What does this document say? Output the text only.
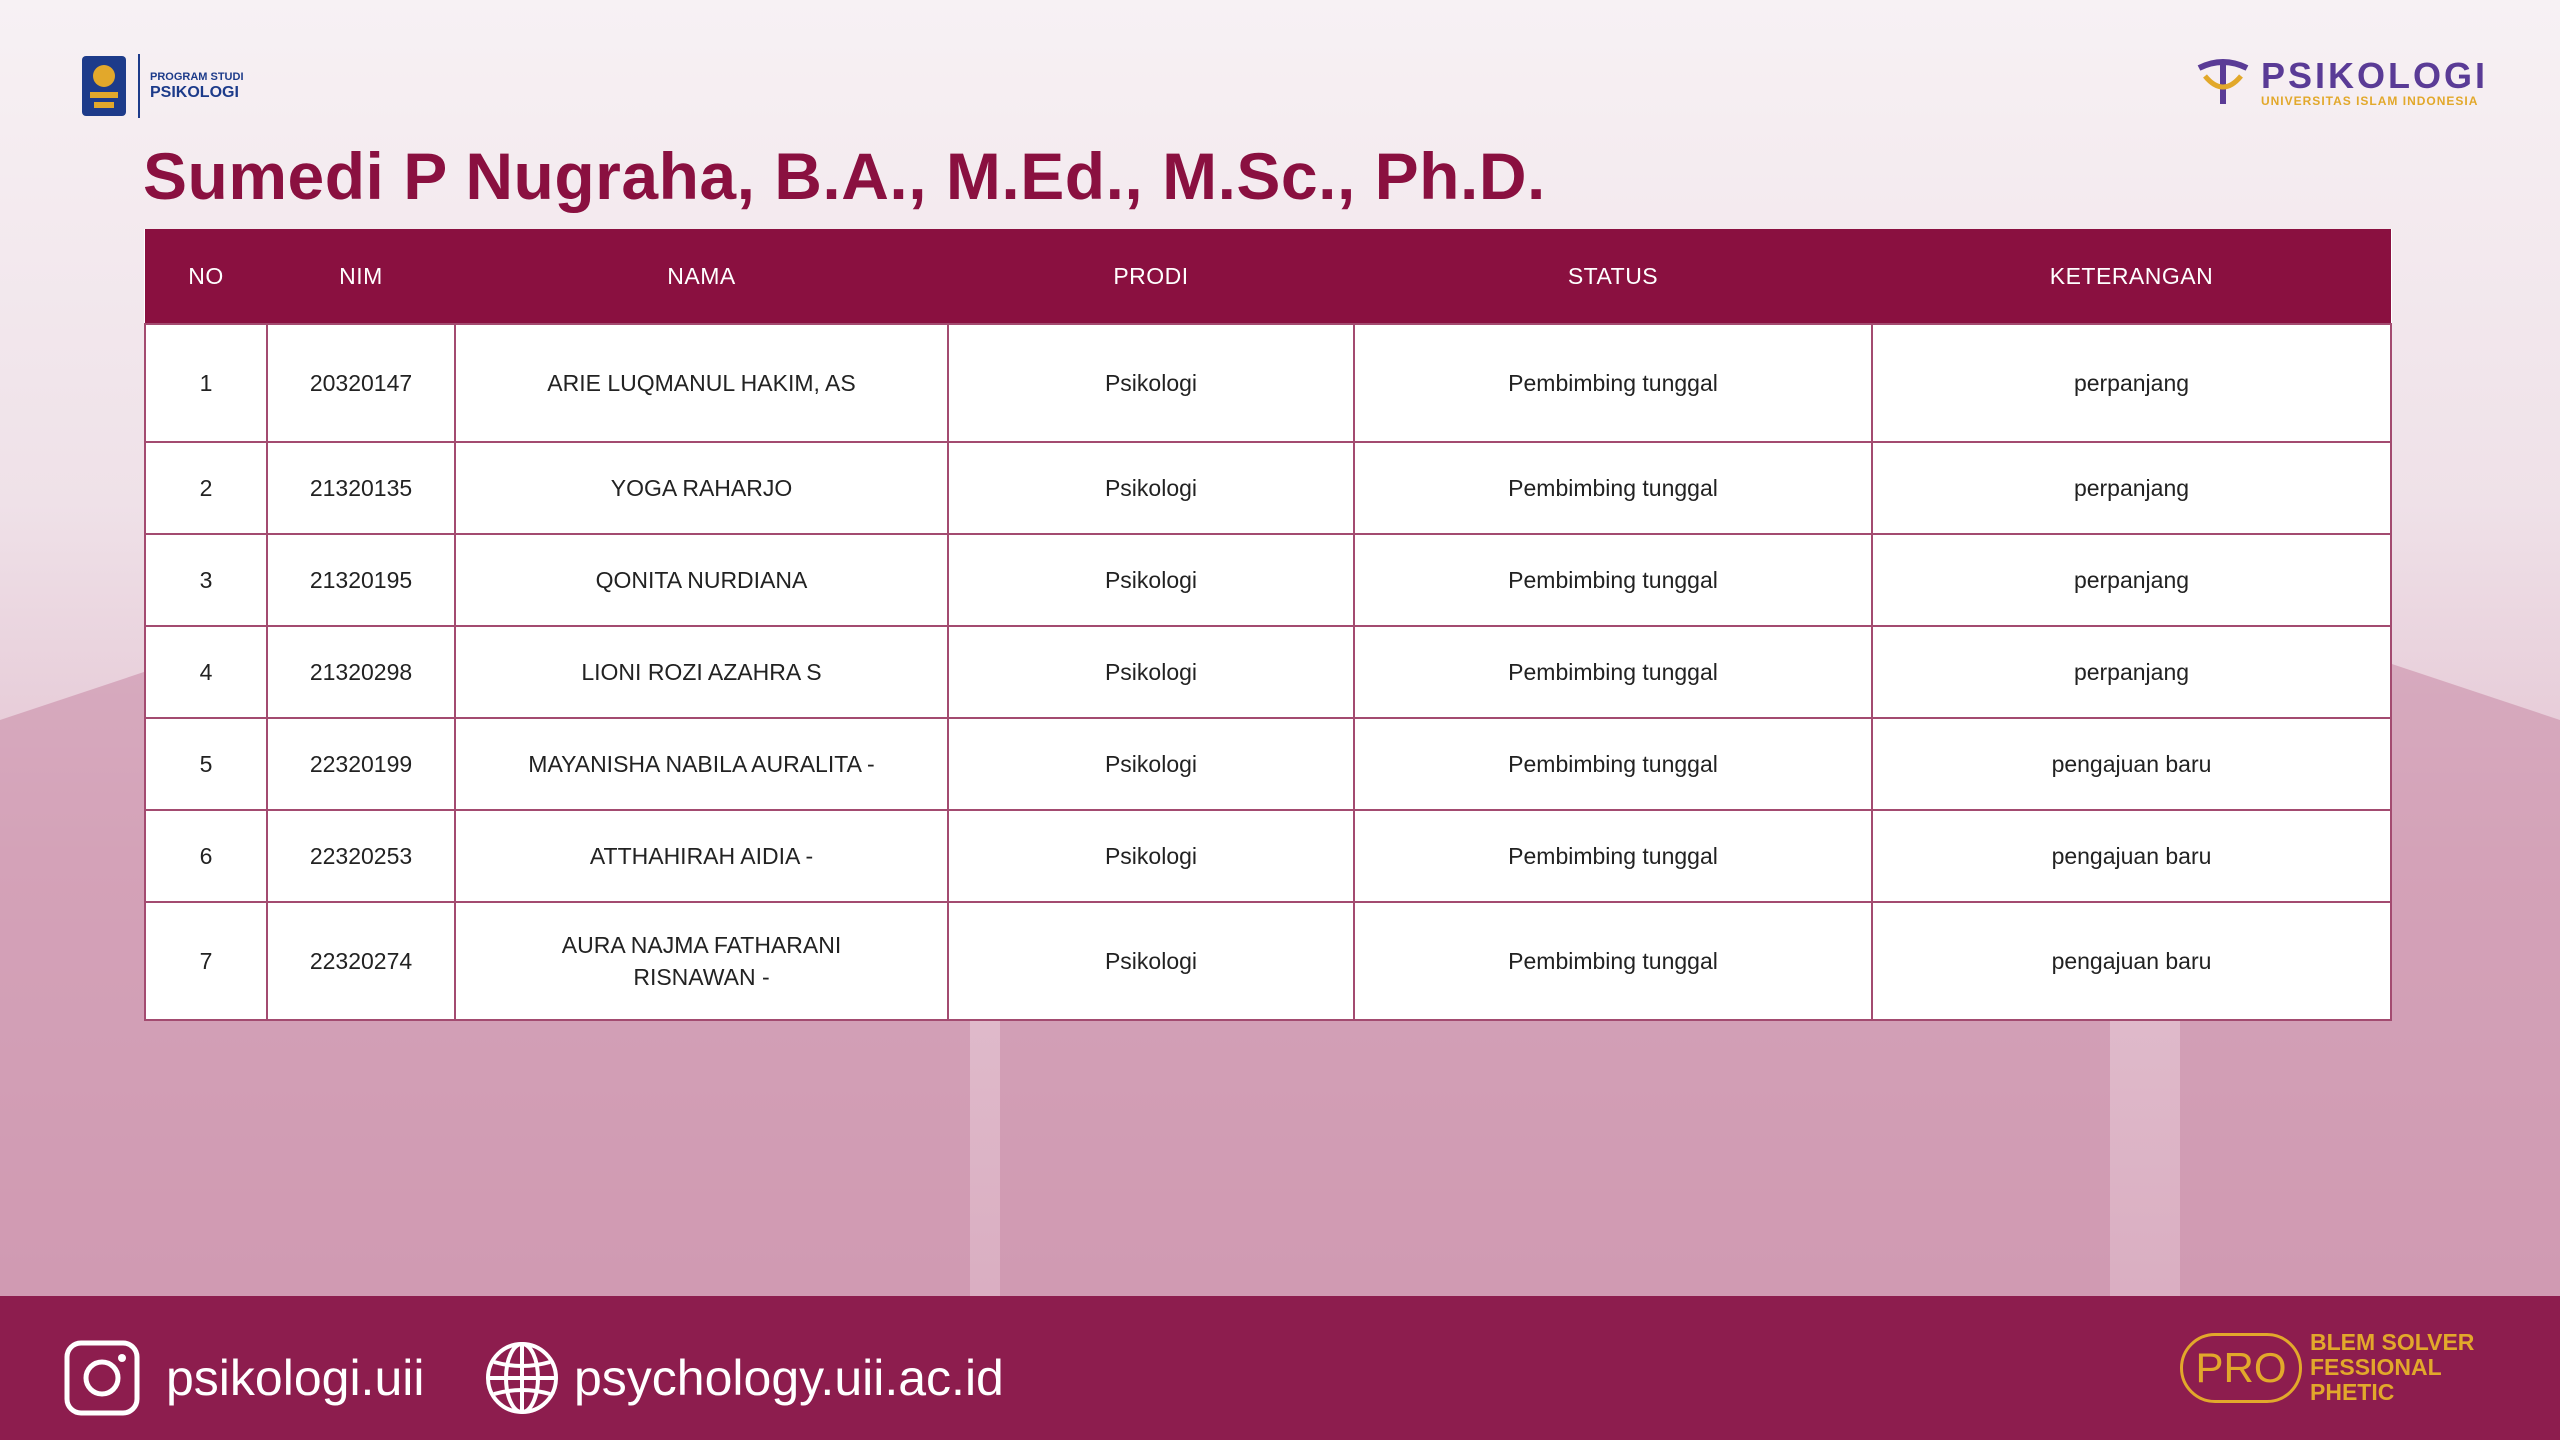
PROGRAM STUDI
PSIKOLOGI	PSIKOLOGI
UNIVERSITAS ISLAM INDONESIA
Sumedi P Nugraha, B.A., M.Ed., M.Sc., Ph.D.
NO	NIM	NAMA	PRODI	STATUS	KETERANGAN
1	20320147	ARIE LUQMANUL HAKIM, AS	Psikologi	Pembimbing tunggal	perpanjang
2	21320135	YOGA RAHARJO	Psikologi	Pembimbing tunggal	perpanjang
3	21320195	QONITA NURDIANA	Psikologi	Pembimbing tunggal	perpanjang
4	21320298	LIONI ROZI AZAHRA S	Psikologi	Pembimbing tunggal	perpanjang
5	22320199	MAYANISHA NABILA AURALITA -	Psikologi	Pembimbing tunggal	pengajuan baru
6	22320253	ATTHAHIRAH AIDIA -	Psikologi	Pembimbing tunggal	pengajuan baru
7	22320274	AURA NAJMA FATHARANI RISNAWAN -	Psikologi	Pembimbing tunggal	pengajuan baru
psikologi.uii	psychology.uii.ac.id	PRO
BLEM SOLVER
FESSIONAL
PHETIC
